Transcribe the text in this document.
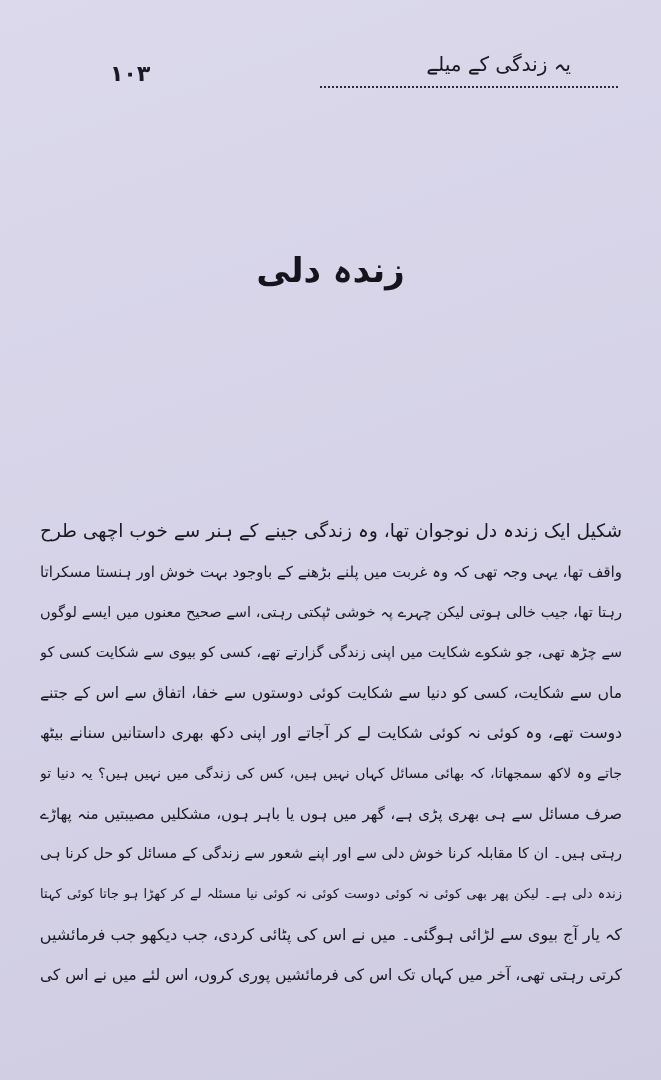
۱۰۳	یہ زندگی کے میلے
زندہ دلی
شکیل ایک زندہ دل نوجوان تھا، وہ زندگی جینے کے ہنر سے خوب اچھی طرح
واقف تھا، یہی وجہ تھی کہ وہ غربت میں پلنے بڑھنے کے باوجود بہت خوش اور ہنستا مسکراتا
رہتا تھا، جیب خالی ہوتی لیکن چہرے پہ خوشی ٹپکتی رہتی، اسے صحیح معنوں میں ایسے لوگوں
سے چڑھ تھی، جو شکوے شکایت میں اپنی زندگی گزارتے تھے، کسی کو بیوی سے شکایت کسی کو
ماں سے شکایت، کسی کو دنیا سے شکایت کوئی دوستوں سے خفا، اتفاق سے اس کے جتنے
دوست تھے، وہ کوئی نہ کوئی شکایت لے کر آجاتے اور اپنی دکھ بھری داستانیں سنانے بیٹھ
جاتے وہ لاکھ سمجھاتا، کہ بھائی مسائل کہاں نہیں ہیں، کس کی زندگی میں نہیں ہیں؟ یہ دنیا تو
صرف مسائل سے ہی بھری پڑی ہے، گھر میں ہوں یا باہر ہوں، مشکلیں مصیبتیں منہ پھاڑے
رہتی ہیں۔ ان کا مقابلہ کرنا خوش دلی سے اور اپنے شعور سے زندگی کے مسائل کو حل کرنا ہی
زندہ دلی ہے۔ لیکن پھر بھی کوئی نہ کوئی دوست کوئی نہ کوئی نیا مسئلہ لے کر کھڑا ہو جاتا کوئی کہتا
کہ یار آج بیوی سے لڑائی ہوگئی۔ میں نے اس کی پٹائی کردی، جب دیکھو جب فرمائشیں
کرتی رہتی تھی، آخر میں کہاں تک اس کی فرمائشیں پوری کروں، اس لئے میں نے اس کی
